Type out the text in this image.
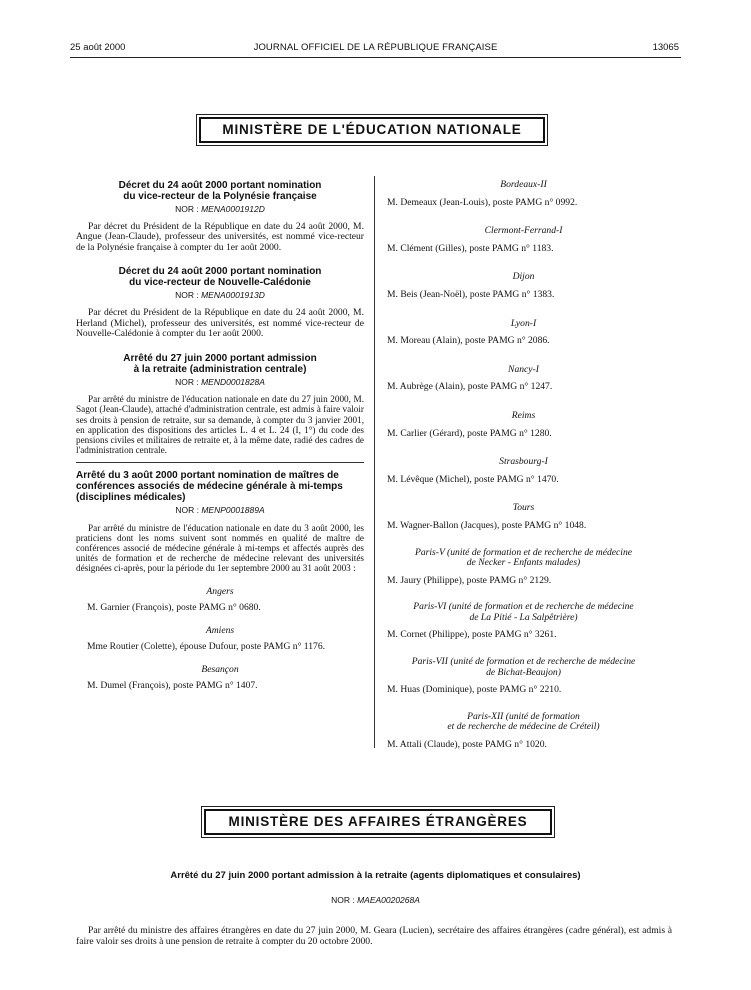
25 août 2000	JOURNAL OFFICIEL DE LA RÉPUBLIQUE FRANÇAISE	13065
MINISTÈRE DE L'ÉDUCATION NATIONALE
Décret du 24 août 2000 portant nomination
du vice-recteur de la Polynésie française
NOR : MENA0001912D
Par décret du Président de la République en date du 24 août 2000, M. Angue (Jean-Claude), professeur des universités, est nommé vice-recteur de la Polynésie française à compter du 1er août 2000.
Décret du 24 août 2000 portant nomination
du vice-recteur de Nouvelle-Calédonie
NOR : MENA0001913D
Par décret du Président de la République en date du 24 août 2000, M. Herland (Michel), professeur des universités, est nommé vice-recteur de Nouvelle-Calédonie à compter du 1er août 2000.
Arrêté du 27 juin 2000 portant admission
à la retraite (administration centrale)
NOR : MEND0001828A
Par arrêté du ministre de l'éducation nationale en date du 27 juin 2000, M. Sagot (Jean-Claude), attaché d'administration centrale, est admis à faire valoir ses droits à pension de retraite, sur sa demande, à compter du 3 janvier 2001, en application des dispositions des articles L. 4 et L. 24 (I, 1°) du code des pensions civiles et militaires de retraite et, à la même date, radié des cadres de l'administration centrale.
Arrêté du 3 août 2000 portant nomination de maîtres de
conférences associés de médecine générale à mi-temps
(disciplines médicales)
NOR : MENP0001889A
Par arrêté du ministre de l'éducation nationale en date du 3 août 2000, les praticiens dont les noms suivent sont nommés en qualité de maître de conférences associé de médecine générale à mi-temps et affectés auprès des unités de formation et de recherche de médecine relevant des universités désignées ci-après, pour la période du 1er septembre 2000 au 31 août 2003 :
Angers
M. Garnier (François), poste PAMG n° 0680.
Amiens
Mme Routier (Colette), épouse Dufour, poste PAMG n° 1176.
Besançon
M. Dumel (François), poste PAMG n° 1407.
Bordeaux-II
M. Demeaux (Jean-Louis), poste PAMG n° 0992.
Clermont-Ferrand-I
M. Clément (Gilles), poste PAMG n° 1183.
Dijon
M. Beis (Jean-Noël), poste PAMG n° 1383.
Lyon-I
M. Moreau (Alain), poste PAMG n° 2086.
Nancy-I
M. Aubrège (Alain), poste PAMG n° 1247.
Reims
M. Carlier (Gérard), poste PAMG n° 1280.
Strasbourg-I
M. Lévêque (Michel), poste PAMG n° 1470.
Tours
M. Wagner-Ballon (Jacques), poste PAMG n° 1048.
Paris-V (unité de formation et de recherche de médecine
de Necker - Enfants malades)
M. Jaury (Philippe), poste PAMG n° 2129.
Paris-VI (unité de formation et de recherche de médecine
de La Pitié - La Salpêtrière)
M. Cornet (Philippe), poste PAMG n° 3261.
Paris-VII (unité de formation et de recherche de médecine
de Bichat-Beaujon)
M. Huas (Dominique), poste PAMG n° 2210.
Paris-XII (unité de formation
et de recherche de médecine de Créteil)
M. Attali (Claude), poste PAMG n° 1020.
MINISTÈRE DES AFFAIRES ÉTRANGÈRES
Arrêté du 27 juin 2000 portant admission à la retraite (agents diplomatiques et consulaires)
NOR : MAEA0020268A
Par arrêté du ministre des affaires étrangères en date du 27 juin 2000, M. Geara (Lucien), secrétaire des affaires étrangères (cadre général), est admis à faire valoir ses droits à une pension de retraite à compter du 20 octobre 2000.
